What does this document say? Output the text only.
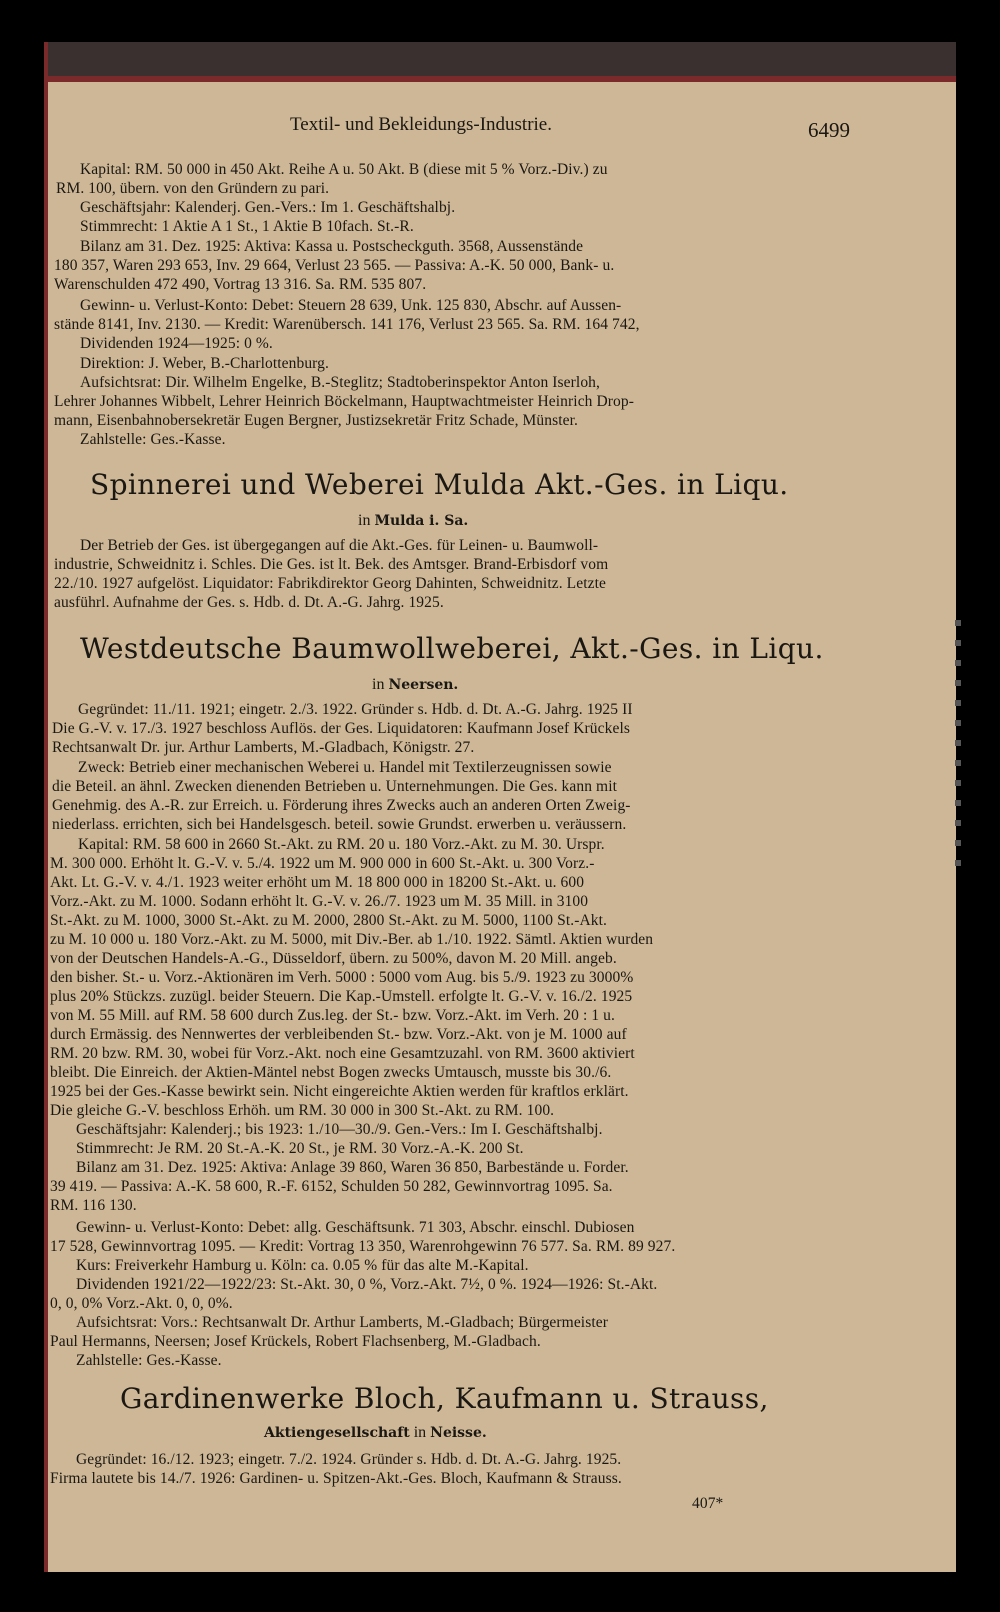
Textil- und Bekleidungs-Industrie.	6499
Kapital: RM. 50 000 in 450 Akt. Reihe A u. 50 Akt. B (diese mit 5 % Vorz.-Div.) zu
RM. 100, übern. von den Gründern zu pari.
Geschäftsjahr: Kalenderj. Gen.-Vers.: Im 1. Geschäftshalbj.
Stimmrecht: 1 Aktie A 1 St., 1 Aktie B 10fach. St.-R.
Bilanz am 31. Dez. 1925: Aktiva: Kassa u. Postscheckguth. 3568, Aussenstände
180 357, Waren 293 653, Inv. 29 664, Verlust 23 565. — Passiva: A.-K. 50 000, Bank- u.
Warenschulden 472 490, Vortrag 13 316. Sa. RM. 535 807.
Gewinn- u. Verlust-Konto: Debet: Steuern 28 639, Unk. 125 830, Abschr. auf Aussen-
stände 8141, Inv. 2130. — Kredit: Warenübersch. 141 176, Verlust 23 565. Sa. RM. 164 742,
Dividenden 1924—1925: 0 %.
Direktion: J. Weber, B.-Charlottenburg.
Aufsichtsrat: Dir. Wilhelm Engelke, B.-Steglitz; Stadtoberinspektor Anton Iserloh,
Lehrer Johannes Wibbelt, Lehrer Heinrich Böckelmann, Hauptwachtmeister Heinrich Drop-
mann, Eisenbahnobersekretär Eugen Bergner, Justizsekretär Fritz Schade, Münster.
Zahlstelle: Ges.-Kasse.
Spinnerei und Weberei Mulda Akt.-Ges. in Liqu.
in Mulda i. Sa.
Der Betrieb der Ges. ist übergegangen auf die Akt.-Ges. für Leinen- u. Baumwoll-
industrie, Schweidnitz i. Schles. Die Ges. ist lt. Bek. des Amtsger. Brand-Erbisdorf vom
22./10. 1927 aufgelöst. Liquidator: Fabrikdirektor Georg Dahinten, Schweidnitz. Letzte
ausführl. Aufnahme der Ges. s. Hdb. d. Dt. A.-G. Jahrg. 1925.
Westdeutsche Baumwollweberei, Akt.-Ges. in Liqu.
in Neersen.
Gegründet: 11./11. 1921; eingetr. 2./3. 1922. Gründer s. Hdb. d. Dt. A.-G. Jahrg. 1925 II
Die G.-V. v. 17./3. 1927 beschloss Auflös. der Ges. Liquidatoren: Kaufmann Josef Krückels
Rechtsanwalt Dr. jur. Arthur Lamberts, M.-Gladbach, Königstr. 27.
Zweck: Betrieb einer mechanischen Weberei u. Handel mit Textilerzeugnissen sowie
die Beteil. an ähnl. Zwecken dienenden Betrieben u. Unternehmungen. Die Ges. kann mit
Genehmig. des A.-R. zur Erreich. u. Förderung ihres Zwecks auch an anderen Orten Zweig-
niederlass. errichten, sich bei Handelsgesch. beteil. sowie Grundst. erwerben u. veräussern.
Kapital: RM. 58 600 in 2660 St.-Akt. zu RM. 20 u. 180 Vorz.-Akt. zu M. 30. Urspr.
M. 300 000. Erhöht lt. G.-V. v. 5./4. 1922 um M. 900 000 in 600 St.-Akt. u. 300 Vorz.-
Akt. Lt. G.-V. v. 4./1. 1923 weiter erhöht um M. 18 800 000 in 18200 St.-Akt. u. 600
Vorz.-Akt. zu M. 1000. Sodann erhöht lt. G.-V. v. 26./7. 1923 um M. 35 Mill. in 3100
St.-Akt. zu M. 1000, 3000 St.-Akt. zu M. 2000, 2800 St.-Akt. zu M. 5000, 1100 St.-Akt.
zu M. 10 000 u. 180 Vorz.-Akt. zu M. 5000, mit Div.-Ber. ab 1./10. 1922. Sämtl. Aktien wurden
von der Deutschen Handels-A.-G., Düsseldorf, übern. zu 500%, davon M. 20 Mill. angeb.
den bisher. St.- u. Vorz.-Aktionären im Verh. 5000 : 5000 vom Aug. bis 5./9. 1923 zu 3000%
plus 20% Stückzs. zuzügl. beider Steuern. Die Kap.-Umstell. erfolgte lt. G.-V. v. 16./2. 1925
von M. 55 Mill. auf RM. 58 600 durch Zus.leg. der St.- bzw. Vorz.-Akt. im Verh. 20 : 1 u.
durch Ermässig. des Nennwertes der verbleibenden St.- bzw. Vorz.-Akt. von je M. 1000 auf
RM. 20 bzw. RM. 30, wobei für Vorz.-Akt. noch eine Gesamtzuzahl. von RM. 3600 aktiviert
bleibt. Die Einreich. der Aktien-Mäntel nebst Bogen zwecks Umtausch, musste bis 30./6.
1925 bei der Ges.-Kasse bewirkt sein. Nicht eingereichte Aktien werden für kraftlos erklärt.
Die gleiche G.-V. beschloss Erhöh. um RM. 30 000 in 300 St.-Akt. zu RM. 100.
Geschäftsjahr: Kalenderj.; bis 1923: 1./10—30./9. Gen.-Vers.: Im I. Geschäftshalbj.
Stimmrecht: Je RM. 20 St.-A.-K. 20 St., je RM. 30 Vorz.-A.-K. 200 St.
Bilanz am 31. Dez. 1925: Aktiva: Anlage 39 860, Waren 36 850, Barbestände u. Forder.
39 419. — Passiva: A.-K. 58 600, R.-F. 6152, Schulden 50 282, Gewinnvortrag 1095. Sa.
RM. 116 130.
Gewinn- u. Verlust-Konto: Debet: allg. Geschäftsunk. 71 303, Abschr. einschl. Dubiosen
17 528, Gewinnvortrag 1095. — Kredit: Vortrag 13 350, Warenrohgewinn 76 577. Sa. RM. 89 927.
Kurs: Freiverkehr Hamburg u. Köln: ca. 0.05 % für das alte M.-Kapital.
Dividenden 1921/22—1922/23: St.-Akt. 30, 0 %, Vorz.-Akt. 7½, 0 %. 1924—1926: St.-Akt.
0, 0, 0% Vorz.-Akt. 0, 0, 0%.
Aufsichtsrat: Vors.: Rechtsanwalt Dr. Arthur Lamberts, M.-Gladbach; Bürgermeister
Paul Hermanns, Neersen; Josef Krückels, Robert Flachsenberg, M.-Gladbach.
Zahlstelle: Ges.-Kasse.
Gardinenwerke Bloch, Kaufmann u. Strauss,
Aktiengesellschaft in Neisse.
Gegründet: 16./12. 1923; eingetr. 7./2. 1924. Gründer s. Hdb. d. Dt. A.-G. Jahrg. 1925.
Firma lautete bis 14./7. 1926: Gardinen- u. Spitzen-Akt.-Ges. Bloch, Kaufmann & Strauss.
407*
